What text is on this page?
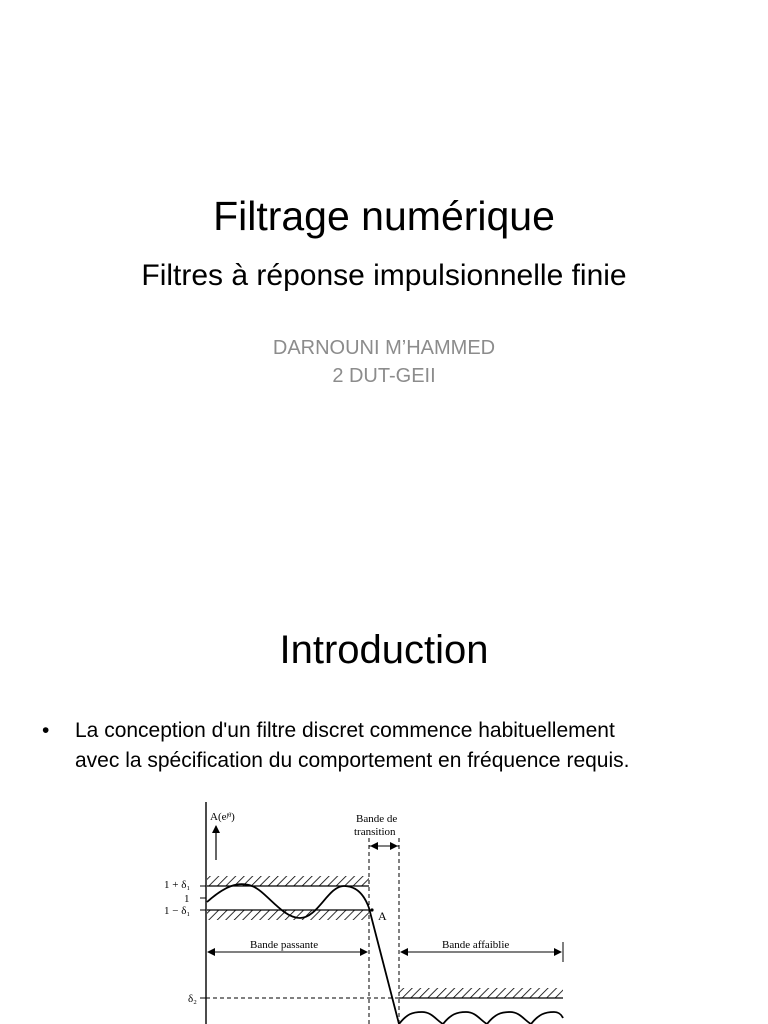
Filtrage numérique
Filtres à réponse impulsionnelle finie
DARNOUNI M’HAMMED
2 DUT-GEII
Introduction
• La conception d'un filtre discret commence habituellement
avec la spécification du comportement en fréquence requis.
A(eʲᶿ)
1 + δ₁
1
1 − δ₁
δ₂
Bande de
transition
A
Bande passante	Bande affaiblie
